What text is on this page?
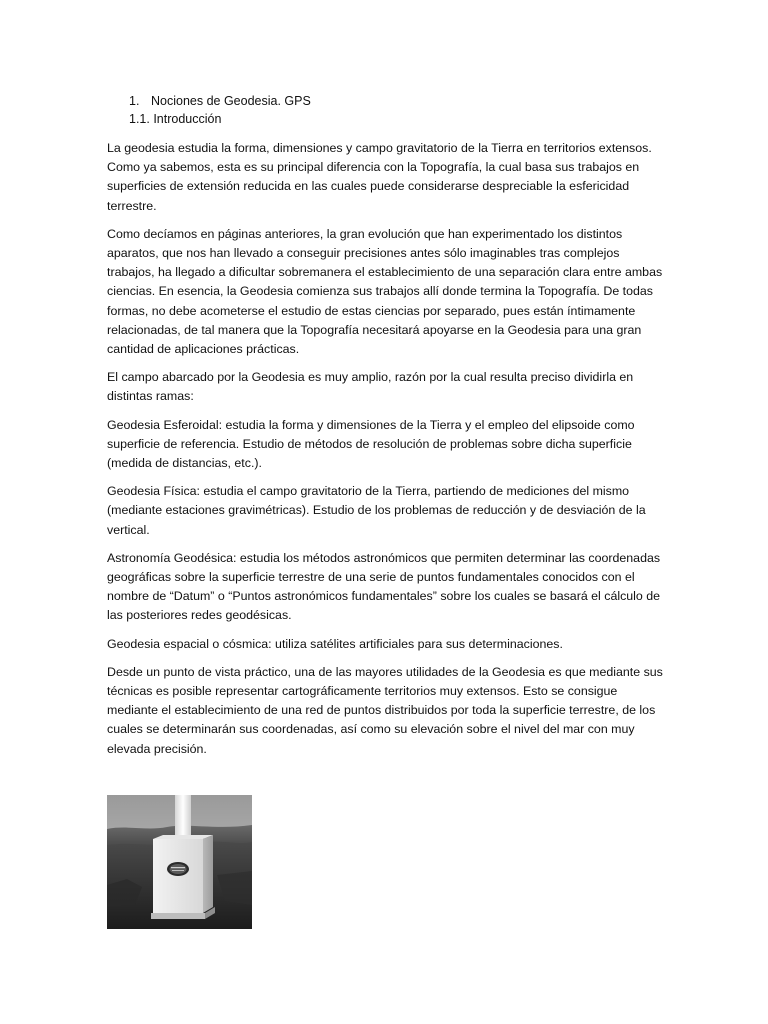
1. Nociones de Geodesia. GPS

1.1. Introducción

La geodesia estudia la forma, dimensiones y campo gravitatorio de la Tierra en territorios extensos. Como ya sabemos, esta es su principal diferencia con la Topografía, la cual basa sus trabajos en superficies de extensión reducida en las cuales puede considerarse despreciable la esfericidad terrestre.

Como decíamos en páginas anteriores, la gran evolución que han experimentado los distintos aparatos, que nos han llevado a conseguir precisiones antes sólo imaginables tras complejos trabajos, ha llegado a dificultar sobremanera el establecimiento de una separación clara entre ambas ciencias. En esencia, la Geodesia comienza sus trabajos allí donde termina la Topografía. De todas formas, no debe acometerse el estudio de estas ciencias por separado, pues están íntimamente relacionadas, de tal manera que la Topografía necesitará apoyarse en la Geodesia para una gran cantidad de aplicaciones prácticas.

El campo abarcado por la Geodesia es muy amplio, razón por la cual resulta preciso dividirla en distintas ramas:

Geodesia Esferoidal: estudia la forma y dimensiones de la Tierra y el empleo del elipsoide como superficie de referencia. Estudio de métodos de resolución de problemas sobre dicha superficie (medida de distancias, etc.).

Geodesia Física: estudia el campo gravitatorio de la Tierra, partiendo de mediciones del mismo (mediante estaciones gravimétricas). Estudio de los problemas de reducción y de desviación de la vertical.

Astronomía Geodésica: estudia los métodos astronómicos que permiten determinar las coordenadas geográficas sobre la superficie terrestre de una serie de puntos fundamentales conocidos con el nombre de “Datum” o “Puntos astronómicos fundamentales” sobre los cuales se basará el cálculo de las posteriores redes geodésicas.

Geodesia espacial o cósmica: utiliza satélites artificiales para sus determinaciones.

Desde un punto de vista práctico, una de las mayores utilidades de la Geodesia es que mediante sus técnicas es posible representar cartográficamente territorios muy extensos. Esto se consigue mediante el establecimiento de una red de puntos distribuidos por toda la superficie terrestre, de los cuales se determinarán sus coordenadas, así como su elevación sobre el nivel del mar con muy elevada precisión.
